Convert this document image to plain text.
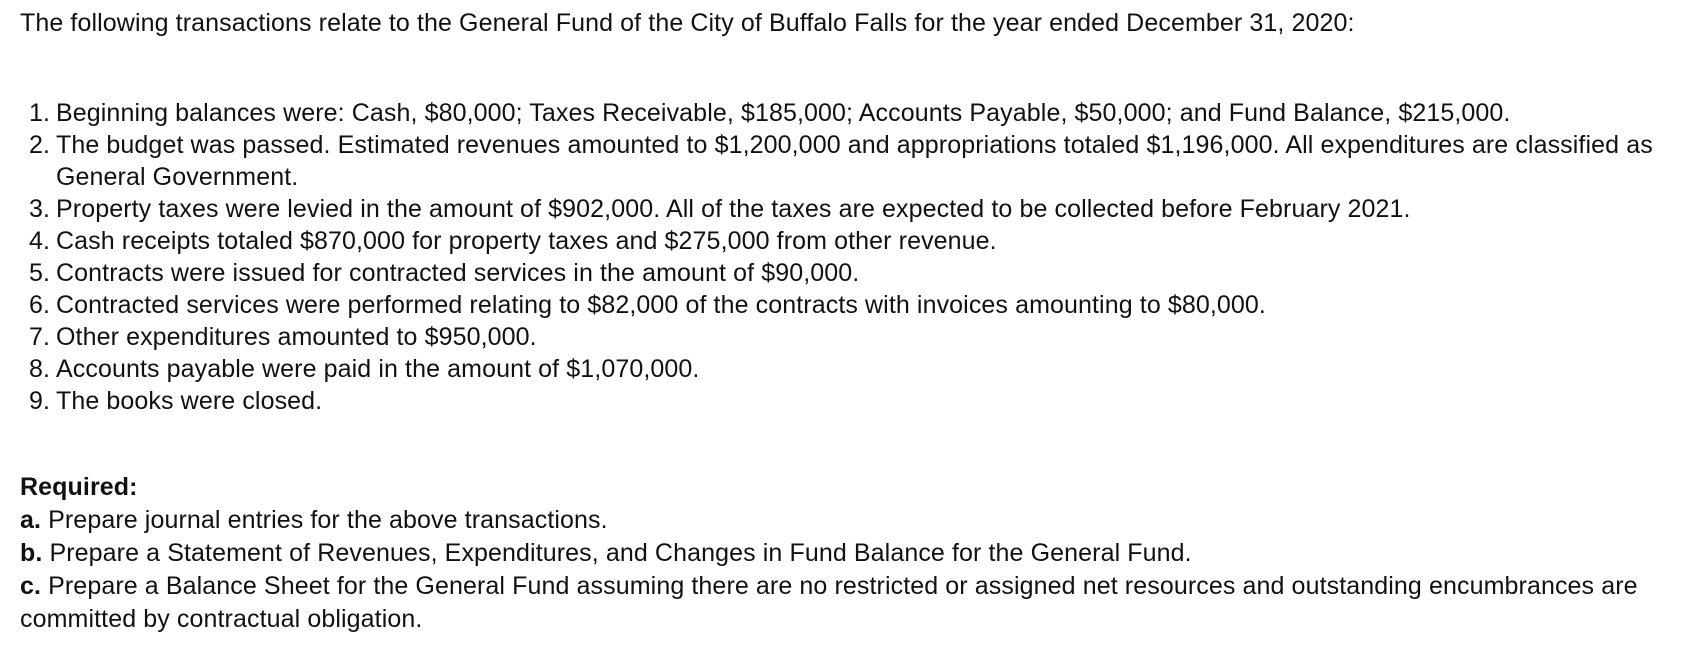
The following transactions relate to the General Fund of the City of Buffalo Falls for the year ended December 31, 2020:

1. Beginning balances were: Cash, $80,000; Taxes Receivable, $185,000; Accounts Payable, $50,000; and Fund Balance, $215,000.
2. The budget was passed. Estimated revenues amounted to $1,200,000 and appropriations totaled $1,196,000. All expenditures are classified as General Government.
3. Property taxes were levied in the amount of $902,000. All of the taxes are expected to be collected before February 2021.
4. Cash receipts totaled $870,000 for property taxes and $275,000 from other revenue.
5. Contracts were issued for contracted services in the amount of $90,000.
6. Contracted services were performed relating to $82,000 of the contracts with invoices amounting to $80,000.
7. Other expenditures amounted to $950,000.
8. Accounts payable were paid in the amount of $1,070,000.
9. The books were closed.
Required:
a. Prepare journal entries for the above transactions.
b. Prepare a Statement of Revenues, Expenditures, and Changes in Fund Balance for the General Fund.
c. Prepare a Balance Sheet for the General Fund assuming there are no restricted or assigned net resources and outstanding encumbrances are committed by contractual obligation.
